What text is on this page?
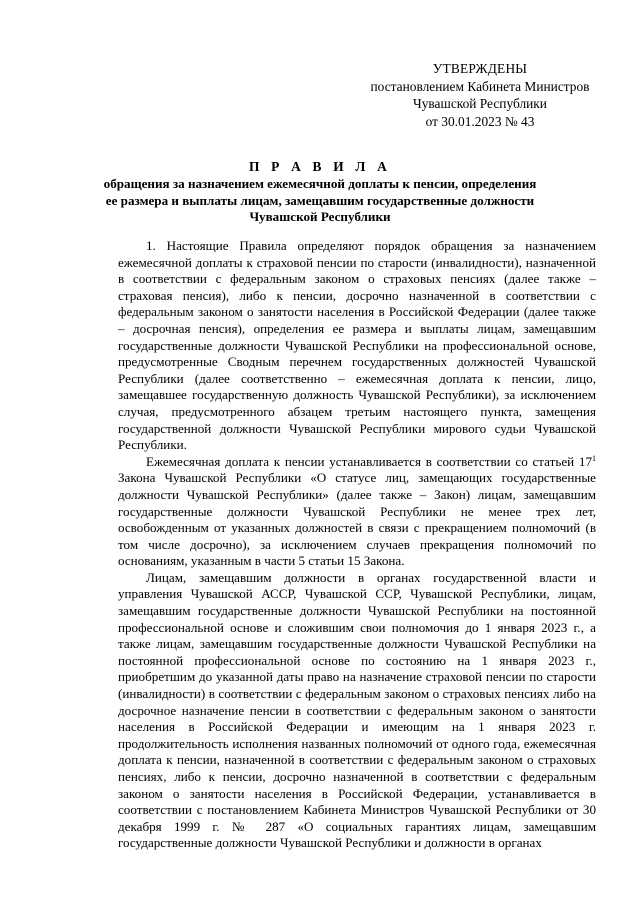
УТВЕРЖДЕНЫ
постановлением Кабинета Министров
Чувашской Республики
от 30.01.2023 № 43
П Р А В И Л А
обращения за назначением ежемесячной доплаты к пенсии, определения ее размера и выплаты лицам, замещавшим государственные должности Чувашской Республики

1. Настоящие Правила определяют порядок обращения за назначением ежемесячной доплаты к страховой пенсии по старости (инвалидности), назначенной в соответствии с федеральным законом о страховых пенсиях (далее также – страховая пенсия), либо к пенсии, досрочно назначенной в соответствии с федеральным законом о занятости населения в Российской Федерации (далее также – досрочная пенсия), определения ее размера и выплаты лицам, замещавшим государственные должности Чувашской Республики на профессиональной основе, предусмотренные Сводным перечнем государственных должностей Чувашской Республики (далее соответственно – ежемесячная доплата к пенсии, лицо, замещавшее государственную должность Чувашской Республики), за исключением случая, предусмотренного абзацем третьим настоящего пункта, замещения государственной должности Чувашской Республики мирового судьи Чувашской Республики.

Ежемесячная доплата к пенсии устанавливается в соответствии со статьей $17^1$ Закона Чувашской Республики «О статусе лиц, замещающих государственные должности Чувашской Республики» (далее также – Закон) лицам, замещавшим государственные должности Чувашской Республики не менее трех лет, освобожденным от указанных должностей в связи с прекращением полномочий (в том числе досрочно), за исключением случаев прекращения полномочий по основаниям, указанным в части 5 статьи 15 Закона.

Лицам, замещавшим должности в органах государственной власти и управления Чувашской АССР, Чувашской ССР, Чувашской Республики, лицам, замещавшим государственные должности Чувашской Республики на постоянной профессиональной основе и сложившим свои полномочия до 1 января 2023 г., а также лицам, замещавшим государственные должности Чувашской Республики на постоянной профессиональной основе по состоянию на 1 января 2023 г., приобретшим до указанной даты право на назначение страховой пенсии по старости (инвалидности) в соответствии с федеральным законом о страховых пенсиях либо на досрочное назначение пенсии в соответствии с федеральным законом о занятости населения в Российской Федерации и имеющим на 1 января 2023 г. продолжительность исполнения названных полномочий от одного года, ежемесячная доплата к пенсии, назначенной в соответствии с федеральным законом о страховых пенсиях, либо к пенсии, досрочно назначенной в соответствии с федеральным законом о занятости населения в Российской Федерации, устанавливается в соответствии с постановлением Кабинета Министров Чувашской Республики от 30 декабря 1999 г. № 287 «О социальных гарантиях лицам, замещавшим государственные должности Чувашской Республики и должности в органах
